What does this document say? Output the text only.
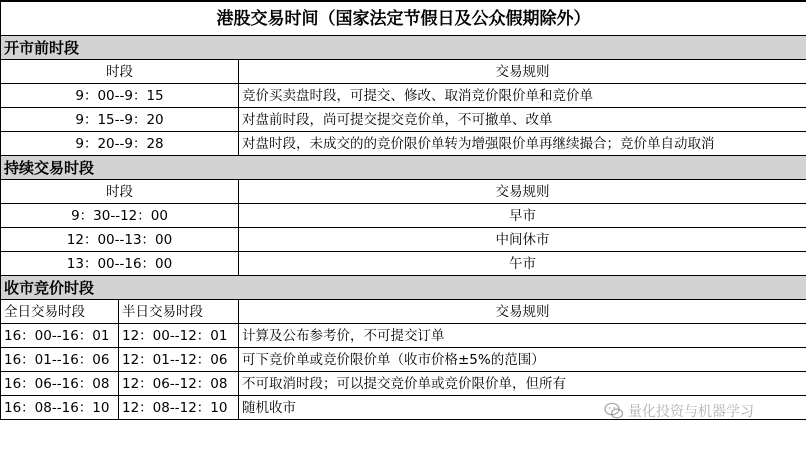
港股交易时间（国家法定节假日及公众假期除外）		
开市前时段		
时段		交易规则
9：00--9：15		竞价买卖盘时段，可提交、修改、取消竞价限价单和竞价单
9：15--9：20		对盘前时段，尚可提交提交竞价单，不可撤单、改单
9：20--9：28		对盘时段，未成交的的竞价限价单转为增强限价单再继续撮合；竞价单自动取消
持续交易时段		
时段		交易规则
9：30--12：00		早市
12：00--13：00		中间休市
13：00--16：00		午市
收市竞价时段		
全日交易时段	半日交易时段	交易规则
16：00--16：01	12：00--12：01	计算及公布参考价，不可提交订单
16：01--16：06	12：01--12：06	可下竞价单或竞价限价单（收市价格±5%的范围）
16：06--16：08	12：06--12：08	不可取消时段；可以提交竞价单或竞价限价单，但所有
16：08--16：10	12：08--12：10	随机收市	量化投资与机器学习
